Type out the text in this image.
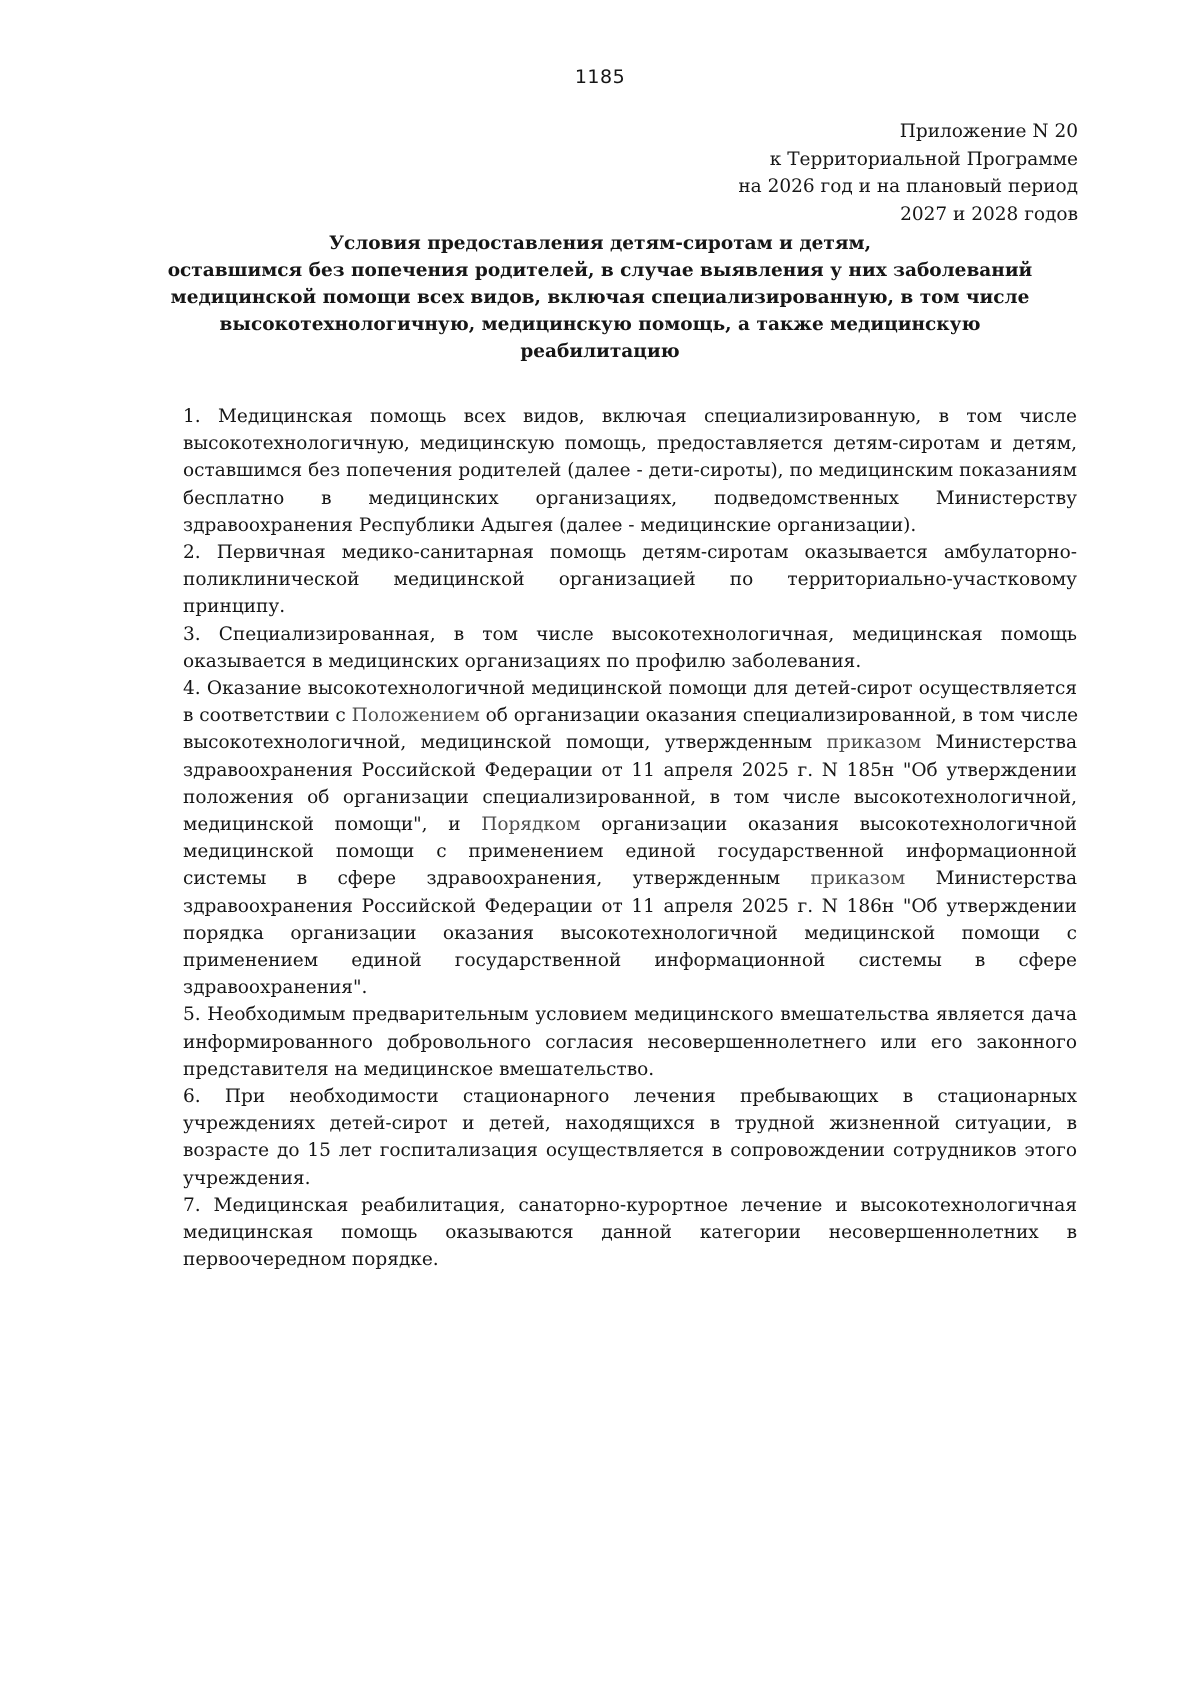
1185
Приложение N 20
к Территориальной Программе
на 2026 год и на плановый период
2027 и 2028 годов
Условия предоставления детям-сиротам и детям,
оставшимся без попечения родителей, в случае выявления у них заболеваний
медицинской помощи всех видов, включая специализированную, в том числе
высокотехнологичную, медицинскую помощь, а также медицинскую
реабилитацию
1. Медицинская помощь всех видов, включая специализированную, в том числе
высокотехнологичную, медицинскую помощь, предоставляется детям-сиротам и детям,
оставшимся без попечения родителей (далее - дети-сироты), по медицинским показаниям
бесплатно в медицинских организациях, подведомственных Министерству
здравоохранения Республики Адыгея (далее - медицинские организации).
2. Первичная медико-санитарная помощь детям-сиротам оказывается амбулаторно-
поликлинической медицинской организацией по территориально-участковому
принципу.
3. Специализированная, в том числе высокотехнологичная, медицинская помощь
оказывается в медицинских организациях по профилю заболевания.
4. Оказание высокотехнологичной медицинской помощи для детей-сирот осуществляется
в соответствии с Положением об организации оказания специализированной, в том числе
высокотехнологичной, медицинской помощи, утвержденным приказом Министерства
здравоохранения Российской Федерации от 11 апреля 2025 г. N 185н "Об утверждении
положения об организации специализированной, в том числе высокотехнологичной,
медицинской помощи", и Порядком организации оказания высокотехнологичной
медицинской помощи с применением единой государственной информационной
системы в сфере здравоохранения, утвержденным приказом Министерства
здравоохранения Российской Федерации от 11 апреля 2025 г. N 186н "Об утверждении
порядка организации оказания высокотехнологичной медицинской помощи с
применением единой государственной информационной системы в сфере
здравоохранения".
5. Необходимым предварительным условием медицинского вмешательства является дача
информированного добровольного согласия несовершеннолетнего или его законного
представителя на медицинское вмешательство.
6. При необходимости стационарного лечения пребывающих в стационарных
учреждениях детей-сирот и детей, находящихся в трудной жизненной ситуации, в
возрасте до 15 лет госпитализация осуществляется в сопровождении сотрудников этого
учреждения.
7. Медицинская реабилитация, санаторно-курортное лечение и высокотехнологичная
медицинская помощь оказываются данной категории несовершеннолетних в
первоочередном порядке.
